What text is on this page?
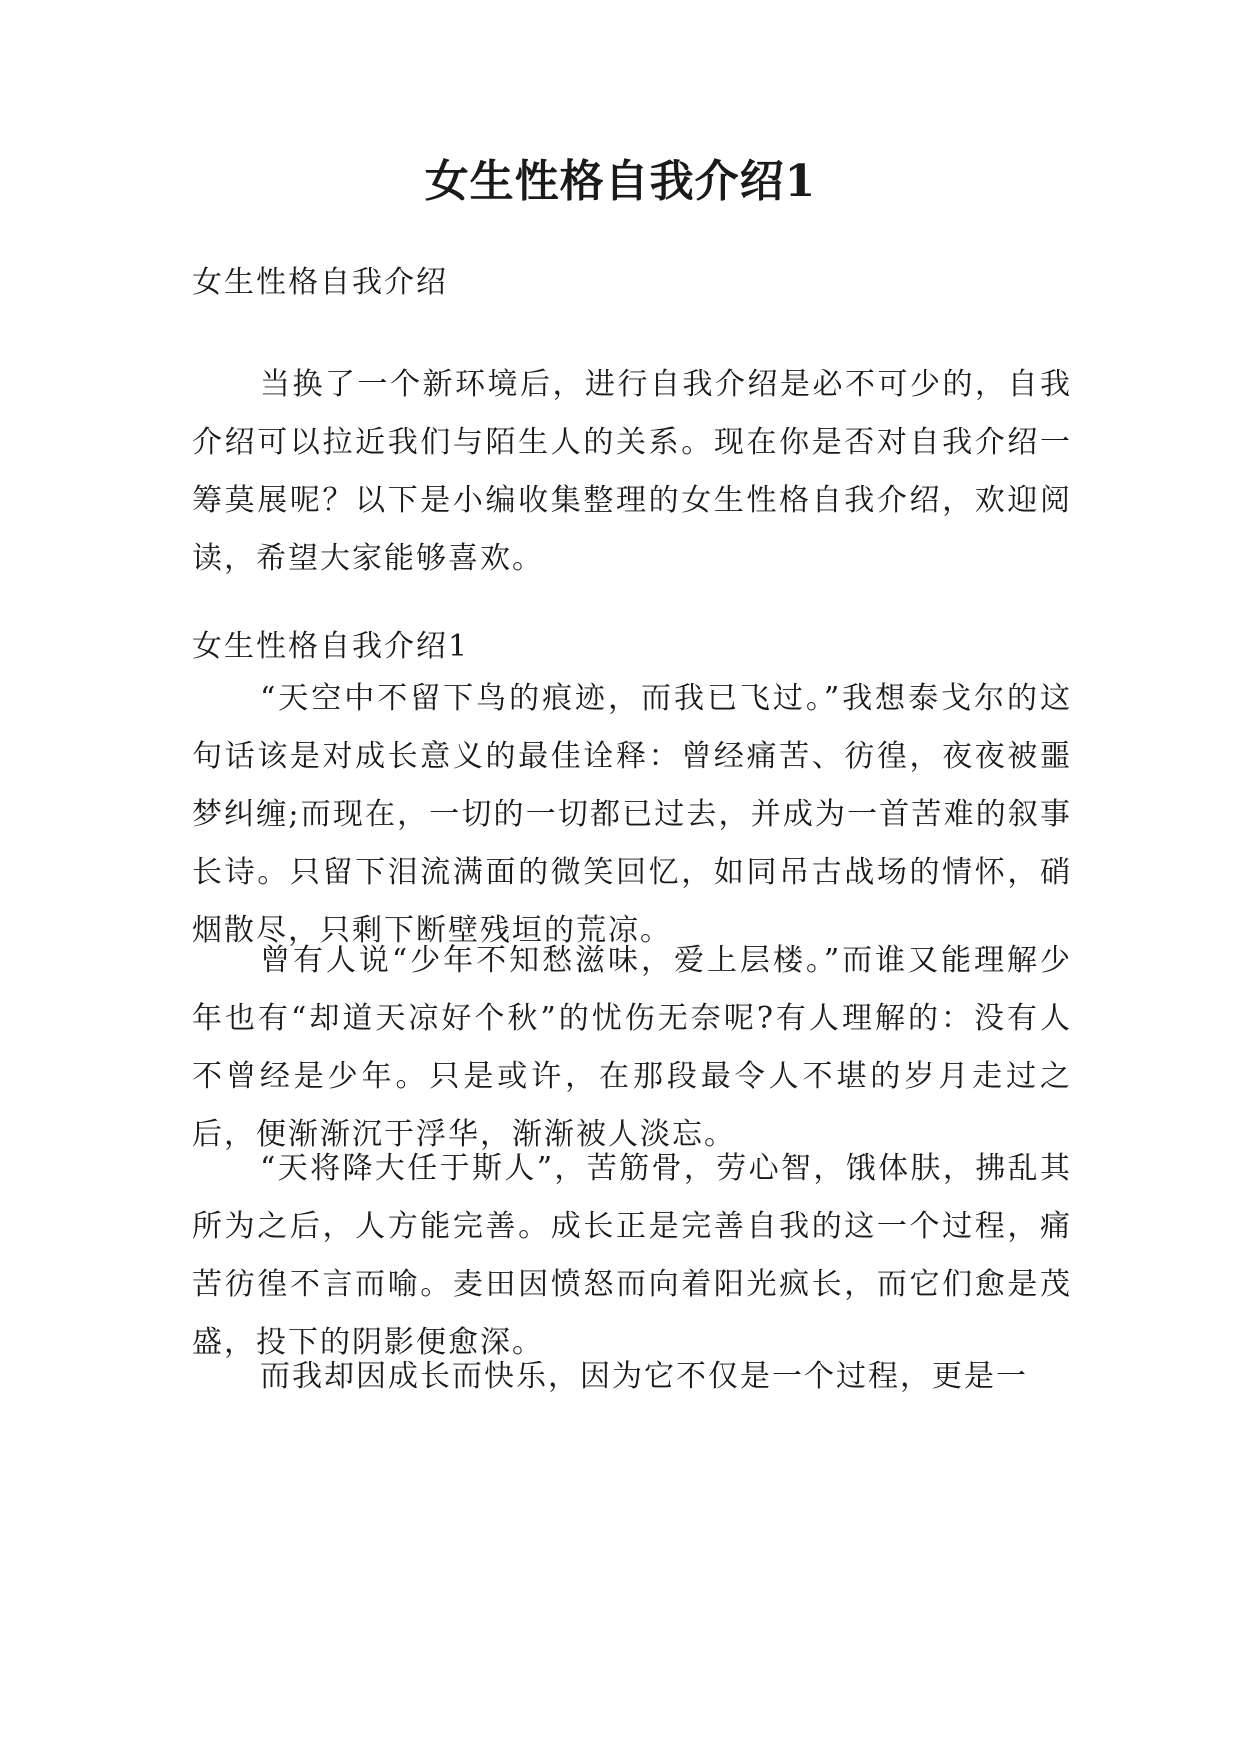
女生性格自我介绍1

女生性格自我介绍

当换了一个新环境后，进行自我介绍是必不可少的，自我介绍可以拉近我们与陌生人的关系。现在你是否对自我介绍一筹莫展呢？以下是小编收集整理的女生性格自我介绍，欢迎阅读，希望大家能够喜欢。

女生性格自我介绍1

“天空中不留下鸟的痕迹，而我已飞过。”我想泰戈尔的这句话该是对成长意义的最佳诠释：曾经痛苦、彷徨，夜夜被噩梦纠缠;而现在，一切的一切都已过去，并成为一首苦难的叙事长诗。只留下泪流满面的微笑回忆，如同吊古战场的情怀，硝烟散尽，只剩下断壁残垣的荒凉。

曾有人说“少年不知愁滋味，爱上层楼。”而谁又能理解少年也有“却道天凉好个秋”的忧伤无奈呢?有人理解的：没有人不曾经是少年。只是或许，在那段最令人不堪的岁月走过之后，便渐渐沉于浮华，渐渐被人淡忘。

“天将降大任于斯人”，苦筋骨，劳心智，饿体肤，拂乱其所为之后，人方能完善。成长正是完善自我的这一个过程，痛苦彷徨不言而喻。麦田因愤怒而向着阳光疯长，而它们愈是茂盛，投下的阴影便愈深。

而我却因成长而快乐，因为它不仅是一个过程，更是一
